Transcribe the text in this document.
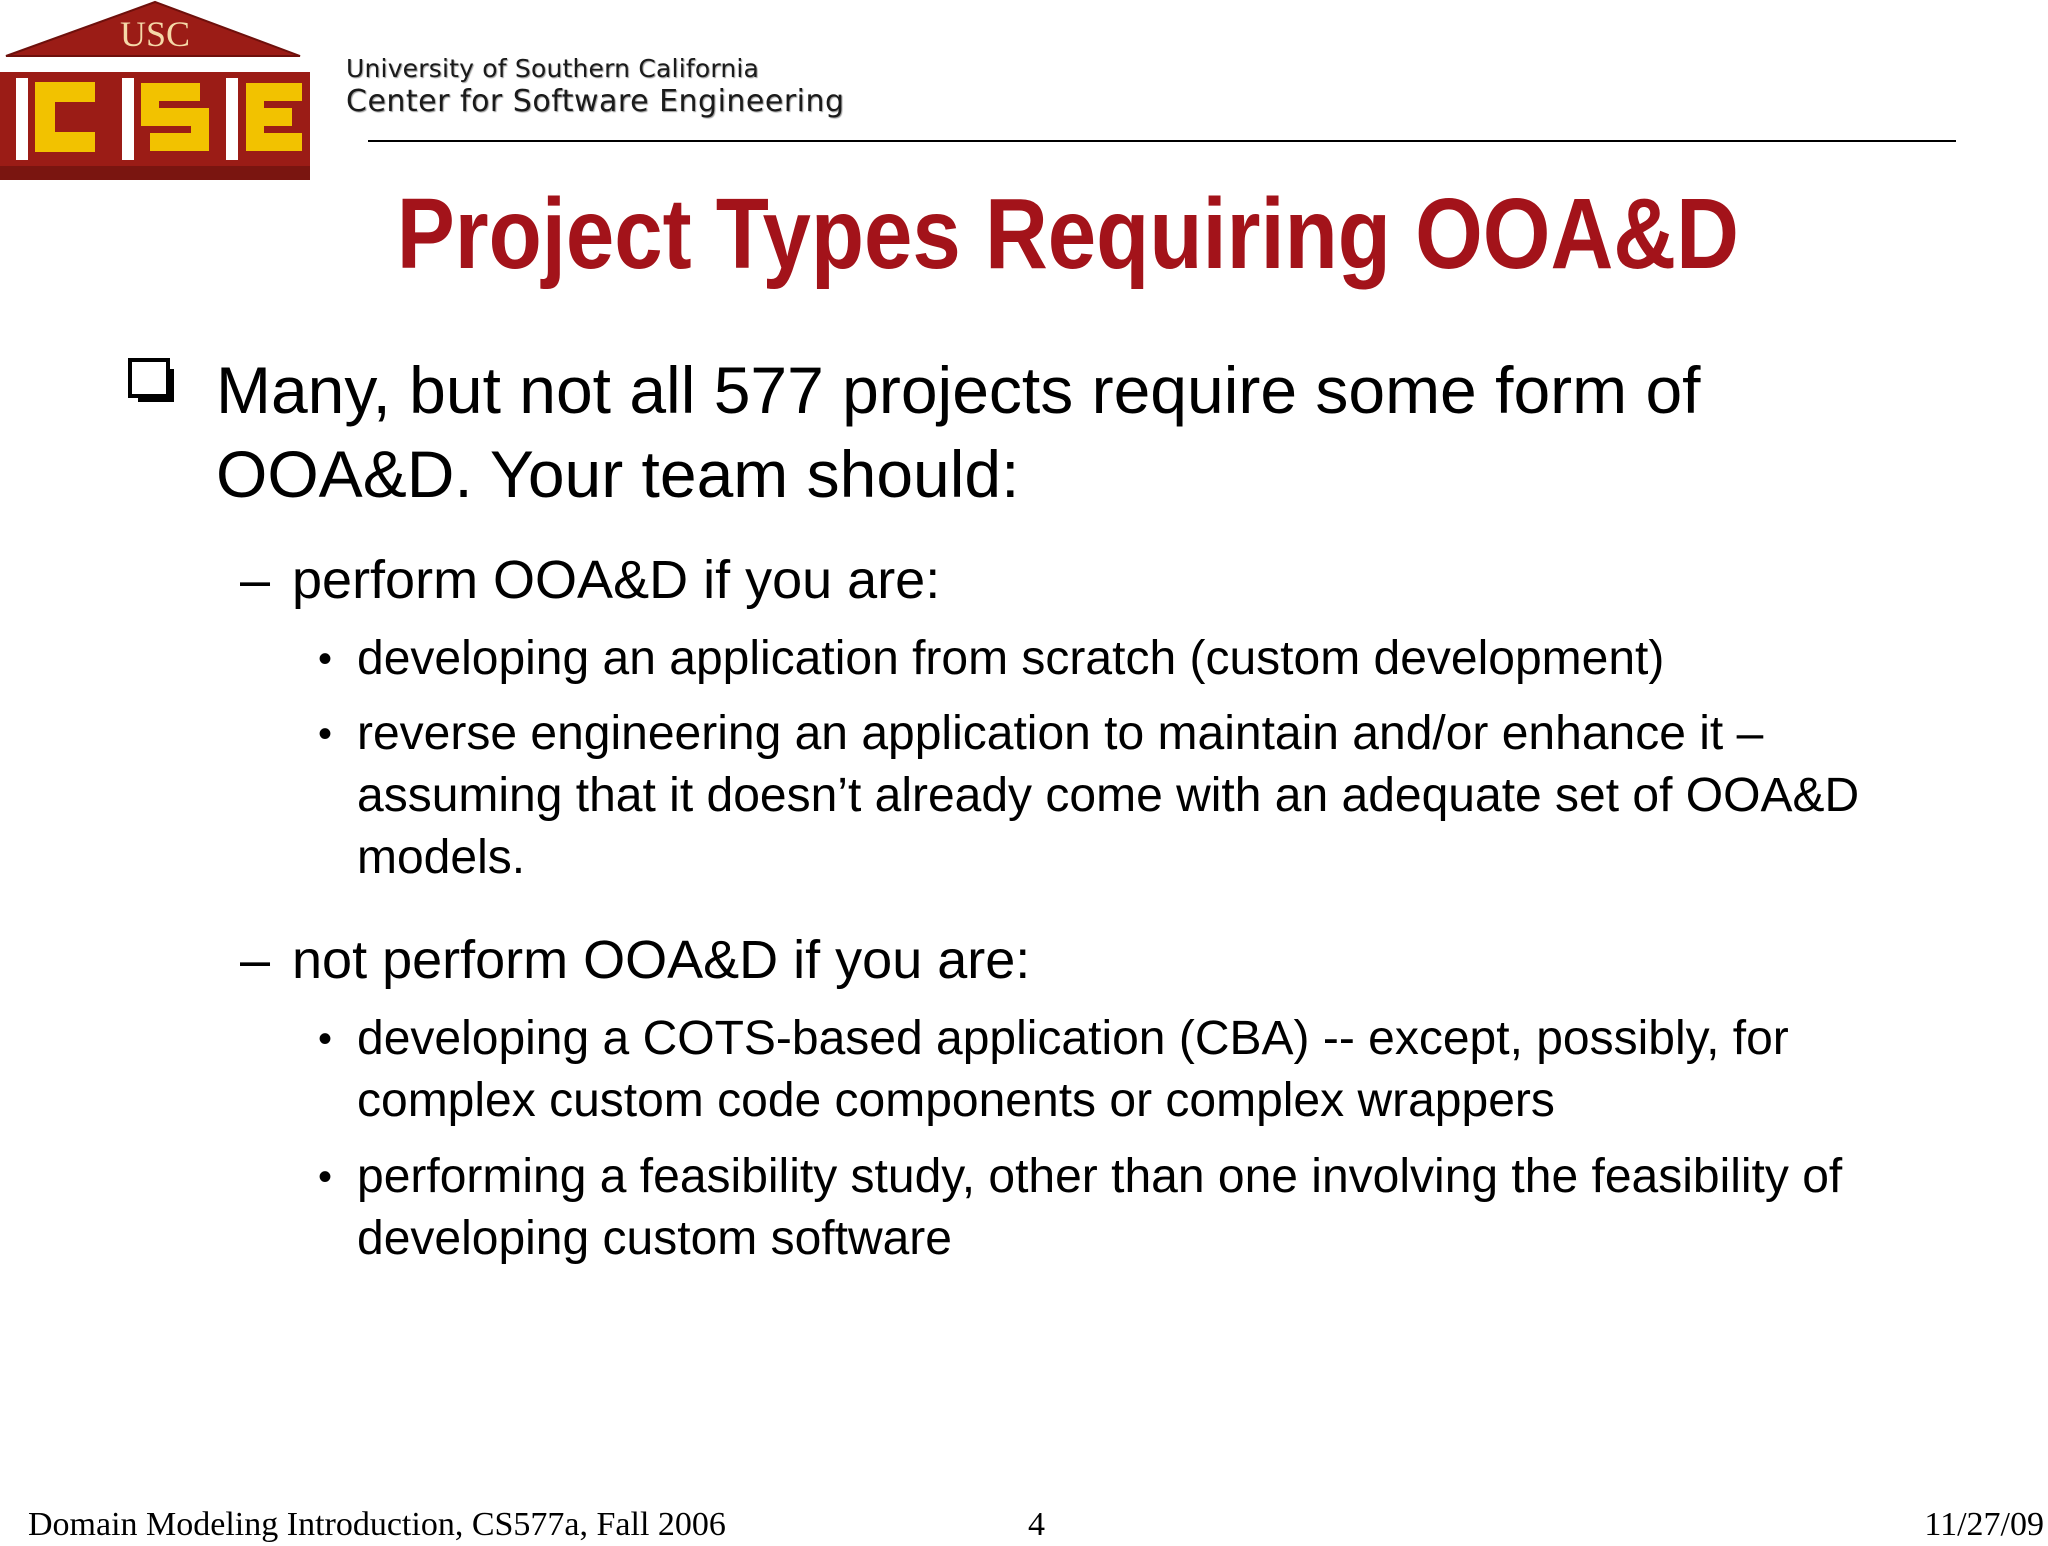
USC
CSE
University of Southern California
Center for Software Engineering
Project Types Requiring OOA&D
Many, but not all 577 projects require some form of OOA&D. Your team should:
– perform OOA&D if you are:
• developing an application from scratch (custom development)
• reverse engineering an application to maintain and/or enhance it – assuming that it doesn’t already come with an adequate set of OOA&D models.
– not perform OOA&D if you are:
• developing a COTS-based application (CBA) -- except, possibly, for complex custom code components or complex wrappers
• performing a feasibility study, other than one involving the feasibility of developing custom software
Domain Modeling Introduction, CS577a, Fall 2006	4	11/27/09
